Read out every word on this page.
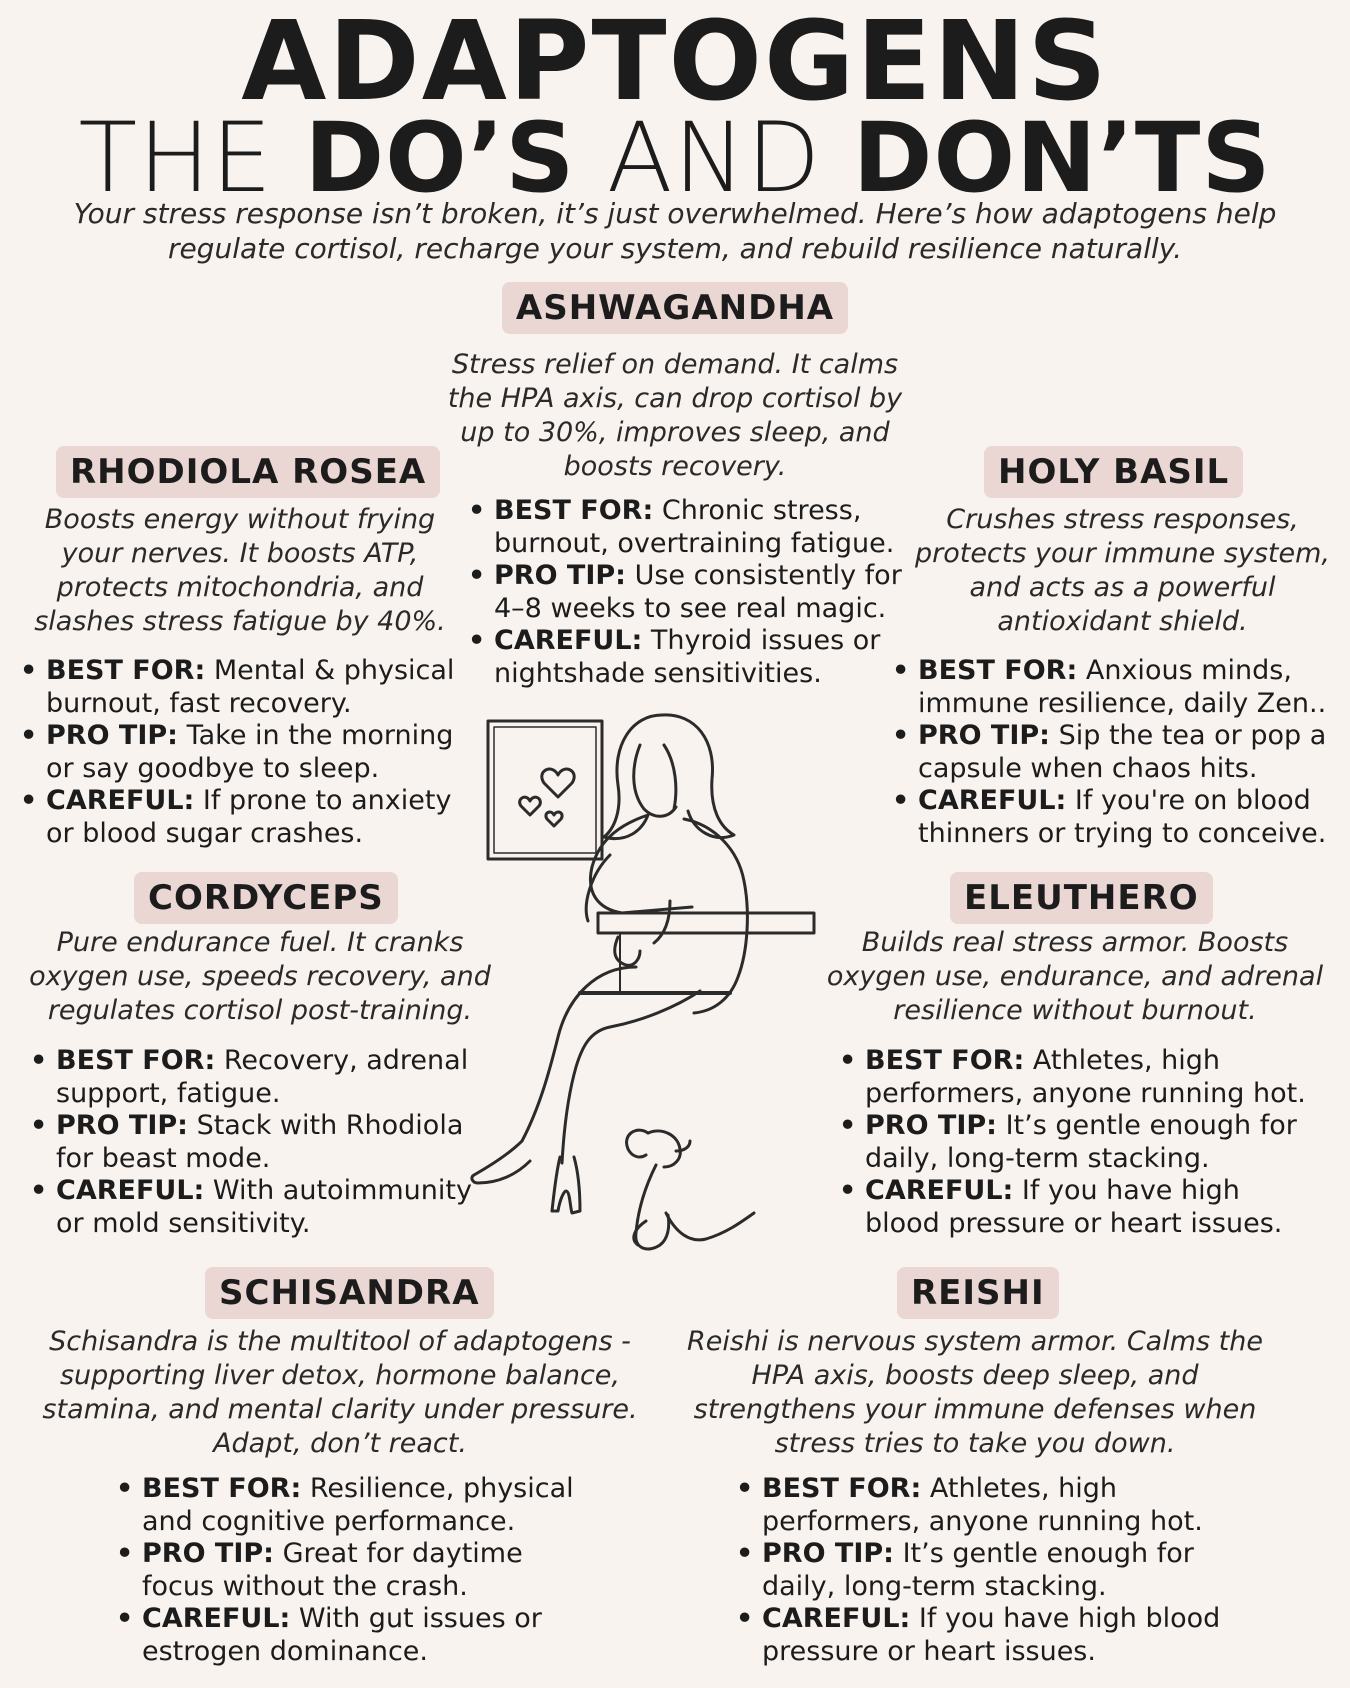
ADAPTOGENS
THE DO’S AND DON’TS
Your stress response isn’t broken, it’s just overwhelmed. Here’s how adaptogens help regulate cortisol, recharge your system, and rebuild resilience naturally.
ASHWAGANDHA
Stress relief on demand. It calms the HPA axis, can drop cortisol by up to 30%, improves sleep, and boosts recovery.
• BEST FOR: Chronic stress, burnout, overtraining fatigue.
• PRO TIP: Use consistently for 4–8 weeks to see real magic.
• CAREFUL: Thyroid issues or nightshade sensitivities.
RHODIOLA ROSEA
Boosts energy without frying your nerves. It boosts ATP, protects mitochondria, and slashes stress fatigue by 40%.
• BEST FOR: Mental & physical burnout, fast recovery.
• PRO TIP: Take in the morning or say goodbye to sleep.
• CAREFUL: If prone to anxiety or blood sugar crashes.
HOLY BASIL
Crushes stress responses, protects your immune system, and acts as a powerful antioxidant shield.
• BEST FOR: Anxious minds, immune resilience, daily Zen..
• PRO TIP: Sip the tea or pop a capsule when chaos hits.
• CAREFUL: If you're on blood thinners or trying to conceive.
CORDYCEPS
Pure endurance fuel. It cranks oxygen use, speeds recovery, and regulates cortisol post-training.
• BEST FOR: Recovery, adrenal support, fatigue.
• PRO TIP: Stack with Rhodiola for beast mode.
• CAREFUL: With autoimmunity or mold sensitivity.
ELEUTHERO
Builds real stress armor. Boosts oxygen use, endurance, and adrenal resilience without burnout.
• BEST FOR: Athletes, high performers, anyone running hot.
• PRO TIP: It’s gentle enough for daily, long-term stacking.
• CAREFUL: If you have high blood pressure or heart issues.
SCHISANDRA
Schisandra is the multitool of adaptogens - supporting liver detox, hormone balance, stamina, and mental clarity under pressure. Adapt, don’t react.
• BEST FOR: Resilience, physical and cognitive performance.
• PRO TIP: Great for daytime focus without the crash.
• CAREFUL: With gut issues or estrogen dominance.
REISHI
Reishi is nervous system armor. Calms the HPA axis, boosts deep sleep, and strengthens your immune defenses when stress tries to take you down.
• BEST FOR: Athletes, high performers, anyone running hot.
• PRO TIP: It’s gentle enough for daily, long-term stacking.
• CAREFUL: If you have high blood pressure or heart issues.
